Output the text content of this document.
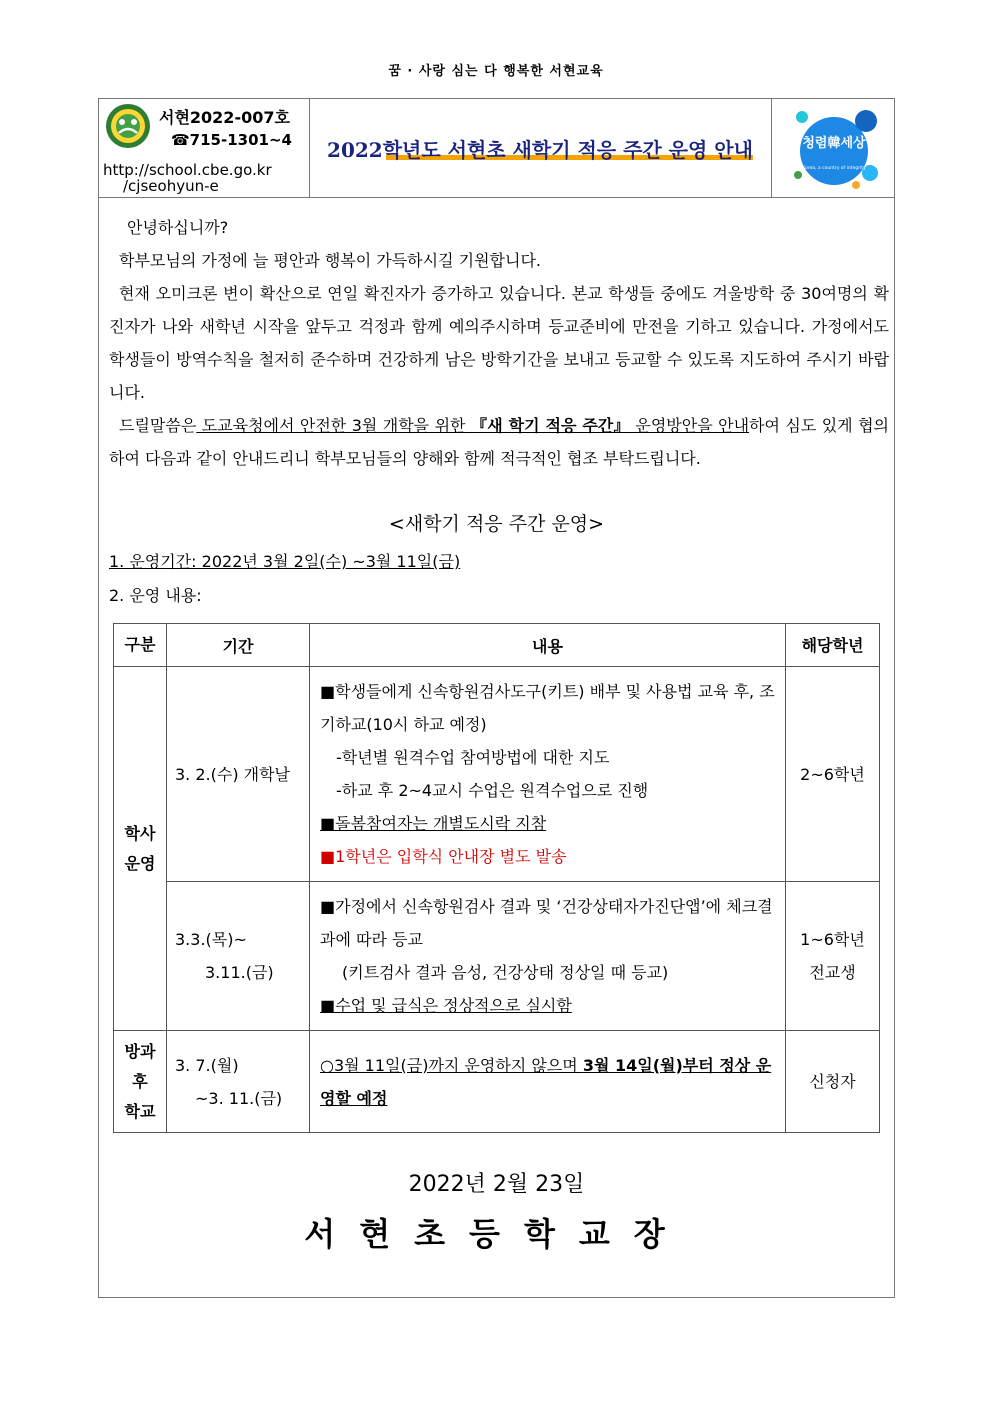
꿈 · 사랑 심는 다 행복한 서현교육
서현2022-007호
☎715-1301~4
http://school.cbe.go.kr
/cjseohyun-e
2022학년도 서현초 새학기 적응 주간 운영 안내	청렴韓세상
Korea, a country of integrity

안녕하십니까?

학부모님의 가정에 늘 평안과 행복이 가득하시길 기원합니다.

현재 오미크론 변이 확산으로 연일 확진자가 증가하고 있습니다. 본교 학생들 중에도 겨울방학 중 30여명의 확진자가 나와 새학년 시작을 앞두고 걱정과 함께 예의주시하며 등교준비에 만전을 기하고 있습니다. 가정에서도 학생들이 방역수칙을 철저히 준수하며 건강하게 남은 방학기간을 보내고 등교할 수 있도록 지도하여 주시기 바랍니다.

드릴말씀은 도교육청에서 안전한 3월 개학을 위한 『새 학기 적응 주간』 운영방안을 안내하여 심도 있게 협의하여 다음과 같이 안내드리니 학부모님들의 양해와 함께 적극적인 협조 부탁드립니다.

<새학기 적응 주간 운영>
1. 운영기간: 2022년 3월 2일(수) ~3월 11일(금)
2. 운영 내용:
구분	기간	내용	해당학년
학사 운영	3. 2.(수) 개학날	■학생들에게 신속항원검사도구(키트) 배부 및 사용법 교육 후, 조기하교(10시 하교 예정)
-학년별 원격수업 참여방법에 대한 지도
-하교 후 2~4교시 수업은 원격수업으로 진행
■돌봄참여자는 개별도시락 지참
■1학년은 입학식 안내장 별도 발송	2~6학년

	3.3.(목)~
3.11.(금)	■가정에서 신속항원검사 결과 및 ‘건강상태자가진단앱’에 체크결과에 따라 등교
(키트검사 결과 음성, 건강상태 정상일 때 등교)
■수업 및 급식은 정상적으로 실시함	1~6학년
전교생

방과 후 학교	3. 7.(월)
~3. 11.(금)	○3월 11일(금)까지 운영하지 않으며 3월 14일(월)부터 정상 운영할 예정	신청자
2022년 2월 23일
서현초등학교장
